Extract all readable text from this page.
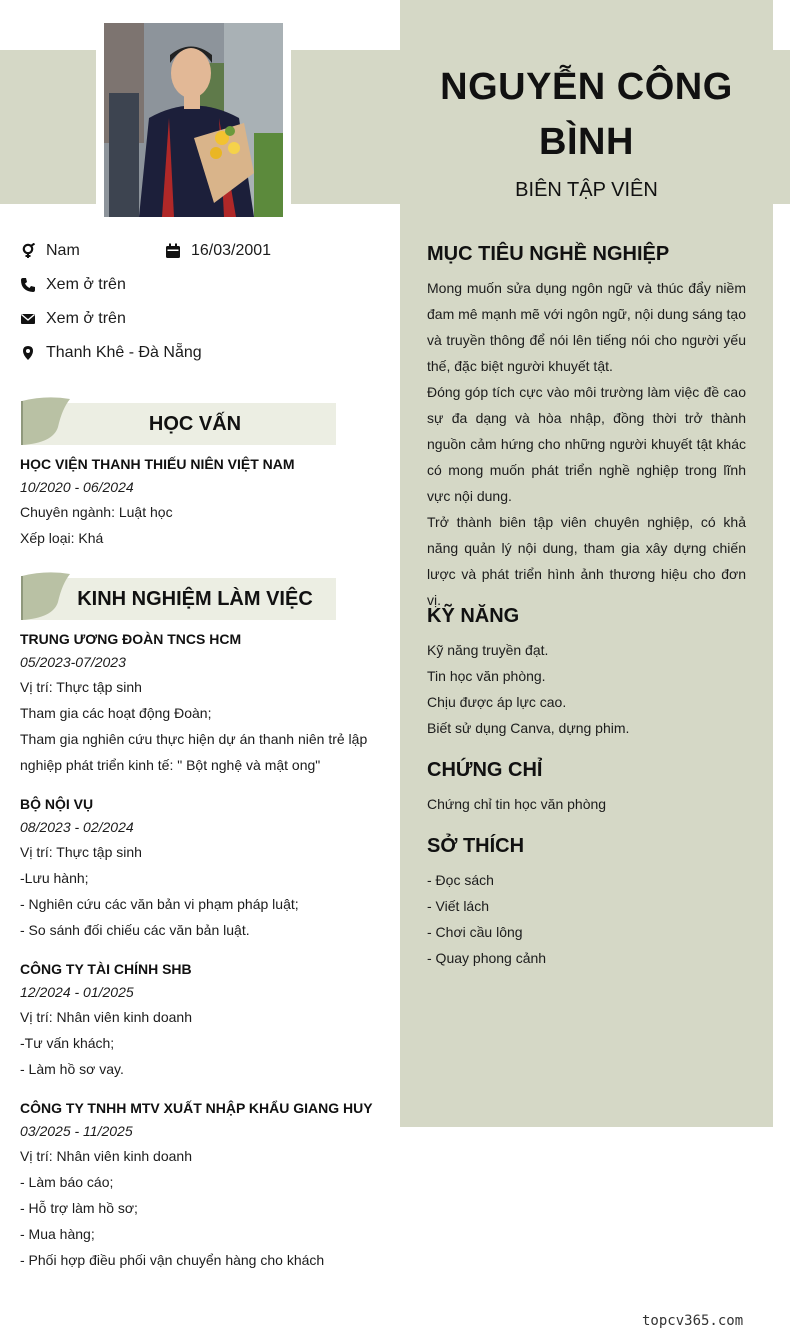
NGUYỄN CÔNG
BÌNH
BIÊN TẬP VIÊN
Nam	16/03/2001
Xem ở trên
Xem ở trên
Thanh Khê - Đà Nẵng
HỌC VẤN
HỌC VIỆN THANH THIẾU NIÊN VIỆT NAM
10/2020 - 06/2024
Chuyên ngành: Luật học
Xếp loại: Khá
KINH NGHIỆM LÀM VIỆC
TRUNG ƯƠNG ĐOÀN TNCS HCM
05/2023-07/2023
Vị trí: Thực tập sinh
Tham gia các hoạt động Đoàn;
Tham gia nghiên cứu thực hiện dự án thanh niên trẻ lập nghiệp phát triển kinh tế: " Bột nghệ và mật ong"
BỘ NỘI VỤ
08/2023 - 02/2024
Vị trí: Thực tập sinh
-Lưu hành;
- Nghiên cứu các văn bản vi phạm pháp luật;
- So sánh đối chiếu các văn bản luật.
CÔNG TY TÀI CHÍNH SHB
12/2024 - 01/2025
Vị trí: Nhân viên kinh doanh
-Tư vấn khách;
- Làm hồ sơ vay.
CÔNG TY TNHH MTV XUẤT NHẬP KHẨU GIANG HUY
03/2025 - 11/2025
Vị trí: Nhân viên kinh doanh
- Làm báo cáo;
- Hỗ trợ làm hồ sơ;
- Mua hàng;
- Phối hợp điều phối vận chuyển hàng cho khách
MỤC TIÊU NGHỀ NGHIỆP
Mong muốn sửa dụng ngôn ngữ và thúc đẩy niềm đam mê mạnh mẽ với ngôn ngữ, nội dung sáng tạo và truyền thông để nói lên tiếng nói cho người yếu thế, đặc biệt người khuyết tật.
Đóng góp tích cực vào môi trường làm việc đề cao sự đa dạng và hòa nhập, đồng thời trở thành nguồn cảm hứng cho những người khuyết tật khác có mong muốn phát triển nghề nghiệp trong lĩnh vực nội dung.
Trở thành biên tập viên chuyên nghiệp, có khả năng quản lý nội dung, tham gia xây dựng chiến lược và phát triển hình ảnh thương hiệu cho đơn vị.
KỸ NĂNG
Kỹ năng truyền đạt.
Tin học văn phòng.
Chịu được áp lực cao.
Biết sử dụng Canva, dựng phim.
CHỨNG CHỈ
Chứng chỉ tin học văn phòng
SỞ THÍCH
- Đọc sách
- Viết lách
- Chơi cầu lông
- Quay phong cảnh
topcv365.com
